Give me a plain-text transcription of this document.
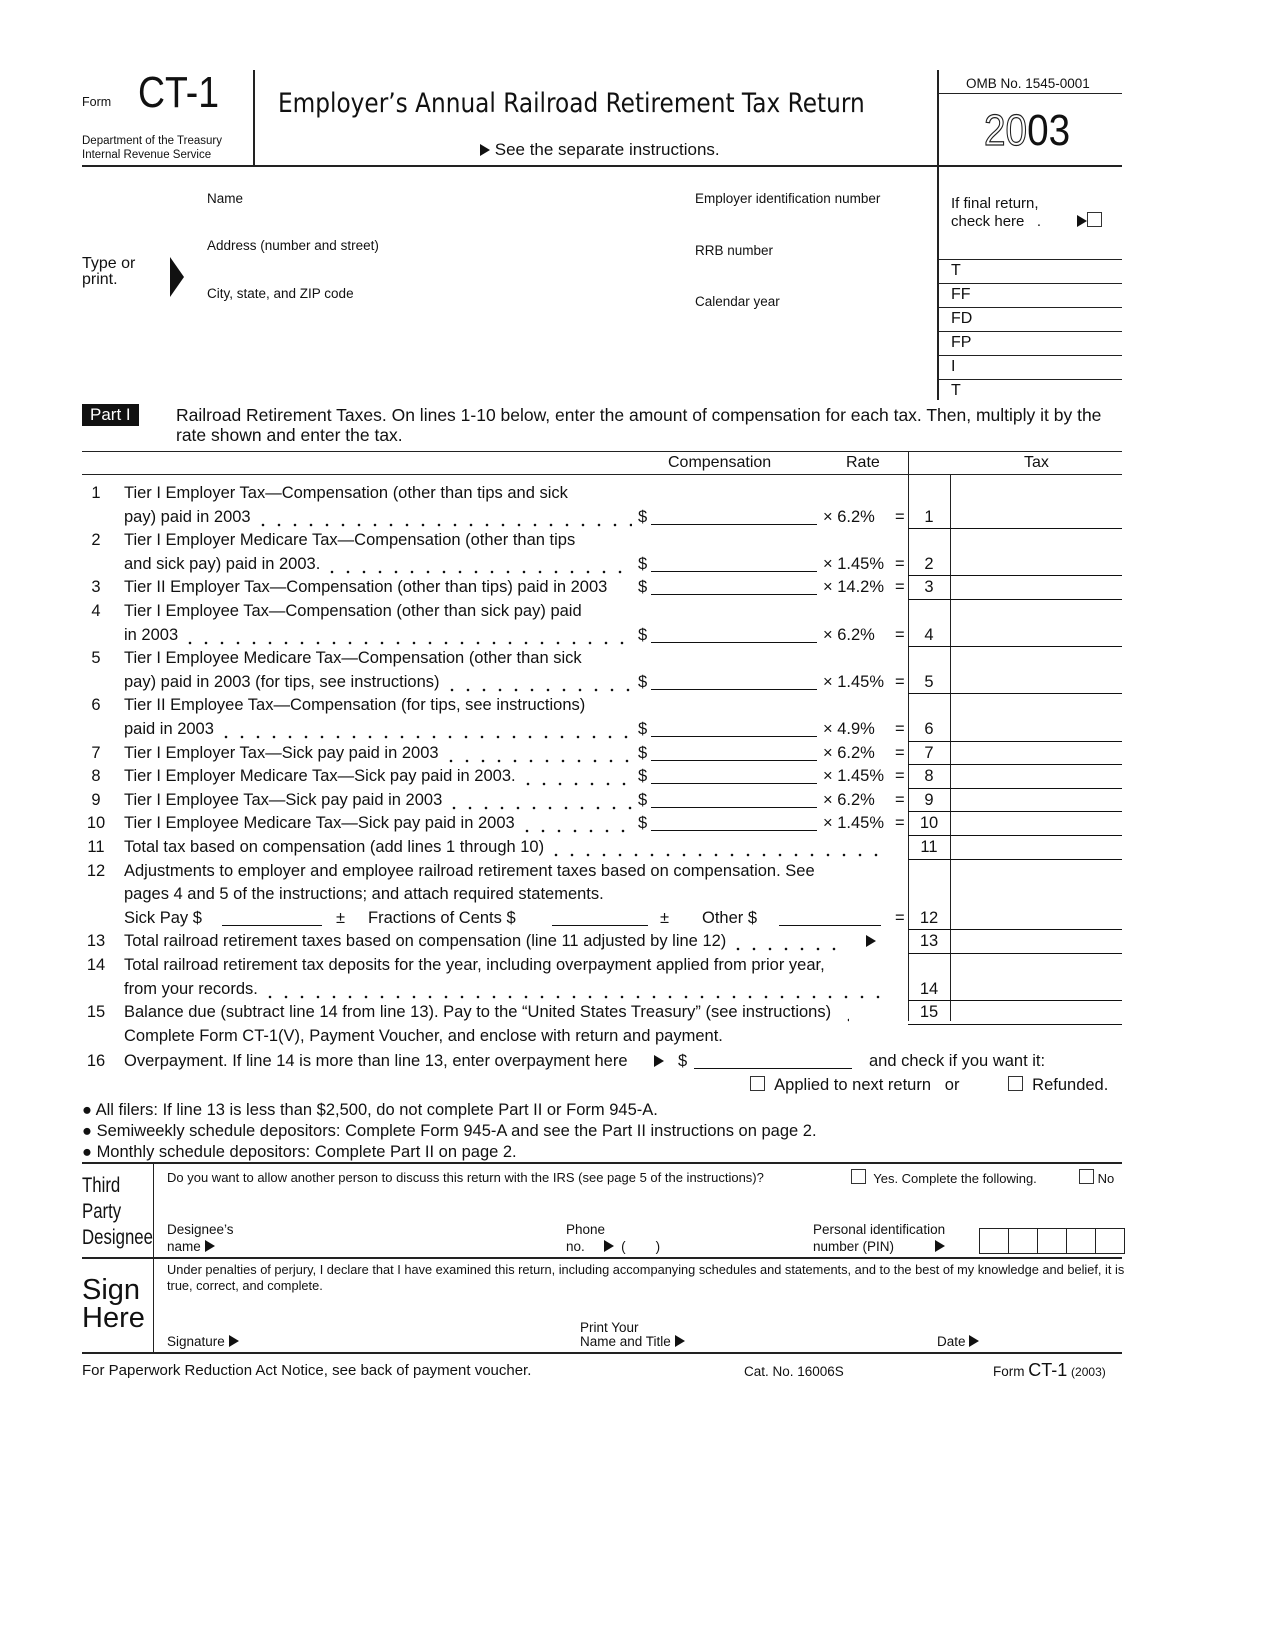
Form CT-1
Department of the Treasury
Internal Revenue Service
Employer’s Annual Railroad Retirement Tax Return
See the separate instructions.
OMB No. 1545-0001
2003
Type or print.
Name
Address (number and street)
City, state, and ZIP code
Employer identification number
RRB number
Calendar year
If final return,
check here .
T
FF
FD
FP
I
T
Part I	Railroad Retirement Taxes. On lines 1-10 below, enter the amount of compensation for each tax. Then, multiply it by the rate shown and enter the tax.
Compensation	Rate	Tax
1	Tier I Employer Tax—Compensation (other than tips and sick
pay) paid in 2003	$	× 6.2% =	1
2	Tier I Employer Medicare Tax—Compensation (other than tips
and sick pay) paid in 2003.	$	× 1.45% =	2
3	Tier II Employer Tax—Compensation (other than tips) paid in 2003 $	× 14.2% =	3
4	Tier I Employee Tax—Compensation (other than sick pay) paid
in 2003	$	× 6.2% =	4
5	Tier I Employee Medicare Tax—Compensation (other than sick
pay) paid in 2003 (for tips, see instructions)	$	× 1.45% =	5
6	Tier II Employee Tax—Compensation (for tips, see instructions)
paid in 2003	$	× 4.9% =	6
7	Tier I Employer Tax—Sick pay paid in 2003	$	× 6.2% =	7
8	Tier I Employer Medicare Tax—Sick pay paid in 2003.	$	× 1.45% =	8
9	Tier I Employee Tax—Sick pay paid in 2003	$	× 6.2% =	9
10 Tier I Employee Medicare Tax—Sick pay paid in 2003	$	× 1.45% = 10
11	Total tax based on compensation (add lines 1 through 10)	11
12 Adjustments to employer and employee railroad retirement taxes based on compensation. See
pages 4 and 5 of the instructions; and attach required statements.
Sick Pay $	± Fractions of Cents $	± Other $	= 12
13 Total railroad retirement taxes based on compensation (line 11 adjusted by line 12)	13
14 Total railroad retirement tax deposits for the year, including overpayment applied from prior year,
from your records.	14
15 Balance due (subtract line 14 from line 13). Pay to the “United States Treasury” (see instructions)	15
Complete Form CT-1(V), Payment Voucher, and enclose with return and payment.
16 Overpayment. If line 14 is more than line 13, enter overpayment here	$	and check if you want it:
Applied to next return or	Refunded.
● All filers: If line 13 is less than $2,500, do not complete Part II or Form 945-A.
● Semiweekly schedule depositors: Complete Form 945-A and see the Part II instructions on page 2.
● Monthly schedule depositors: Complete Part II on page 2.
Third
Party
Designee
Do you want to allow another person to discuss this return with the IRS (see page 5 of the instructions)?	Yes. Complete the following.	No
Designee’s
name
Phone
no.	(        )
Personal identification
number (PIN)
Sign
Here
Under penalties of perjury, I declare that I have examined this return, including accompanying schedules and statements, and to the best of my knowledge and belief, it is true, correct, and complete.
Signature
Print Your
Name and Title	Date
For Paperwork Reduction Act Notice, see back of payment voucher.	Cat. No. 16006S	Form CT-1 (2003)
